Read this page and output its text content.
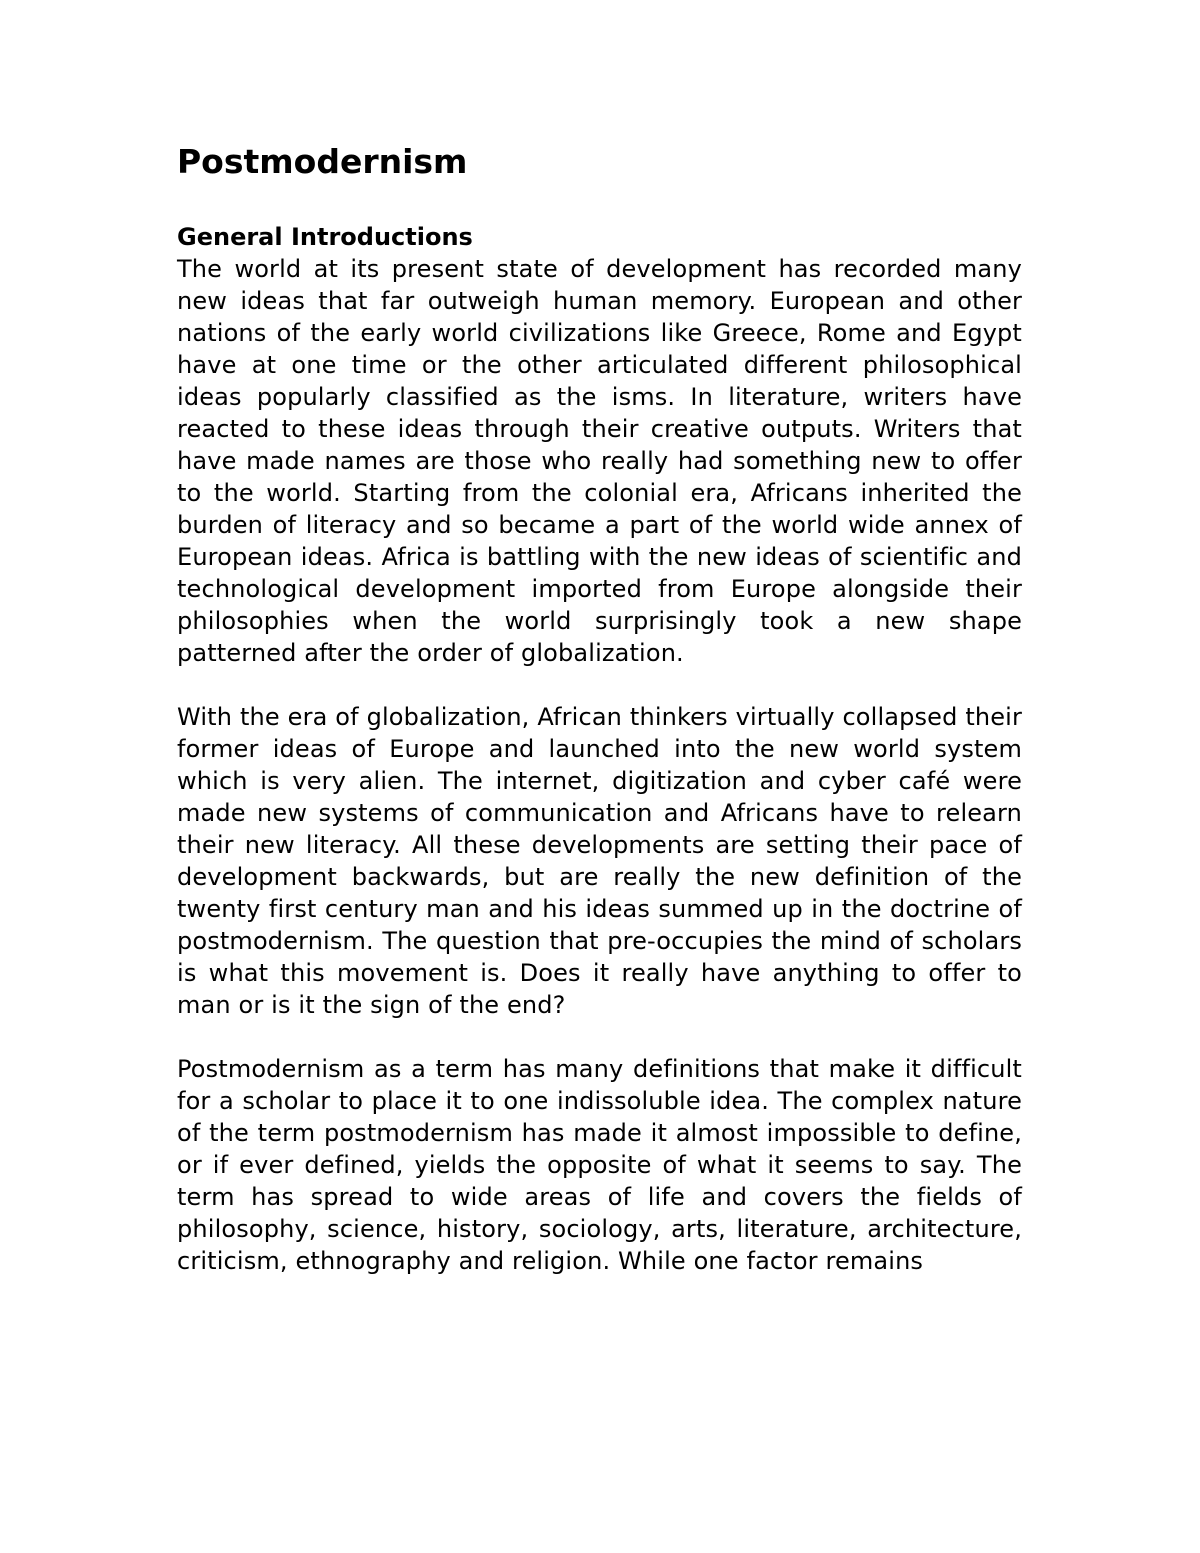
Postmodernism
General Introductions

The world at its present state of development has recorded many new ideas that far outweigh human memory. European and other nations of the early world civilizations like Greece, Rome and Egypt have at one time or the other articulated different philosophical ideas popularly classified as the isms. In literature, writers have reacted to these ideas through their creative outputs. Writers that have made names are those who really had something new to offer to the world. Starting from the colonial era, Africans inherited the burden of literacy and so became a part of the world wide annex of European ideas. Africa is battling with the new ideas of scientific and technological development imported from Europe alongside their philosophies when the world surprisingly took a new shape patterned after the order of globalization.

With the era of globalization, African thinkers virtually collapsed their former ideas of Europe and launched into the new world system which is very alien. The internet, digitization and cyber café were made new systems of communication and Africans have to relearn their new literacy. All these developments are setting their pace of development backwards, but are really the new definition of the twenty first century man and his ideas summed up in the doctrine of postmodernism. The question that pre-occupies the mind of scholars is what this movement is. Does it really have anything to offer to man or is it the sign of the end?

Postmodernism as a term has many definitions that make it difficult for a scholar to place it to one indissoluble idea. The complex nature of the term postmodernism has made it almost impossible to define, or if ever defined, yields the opposite of what it seems to say. The term has spread to wide areas of life and covers the fields of philosophy, science, history, sociology, arts, literature, architecture, criticism, ethnography and religion. While one factor remains
